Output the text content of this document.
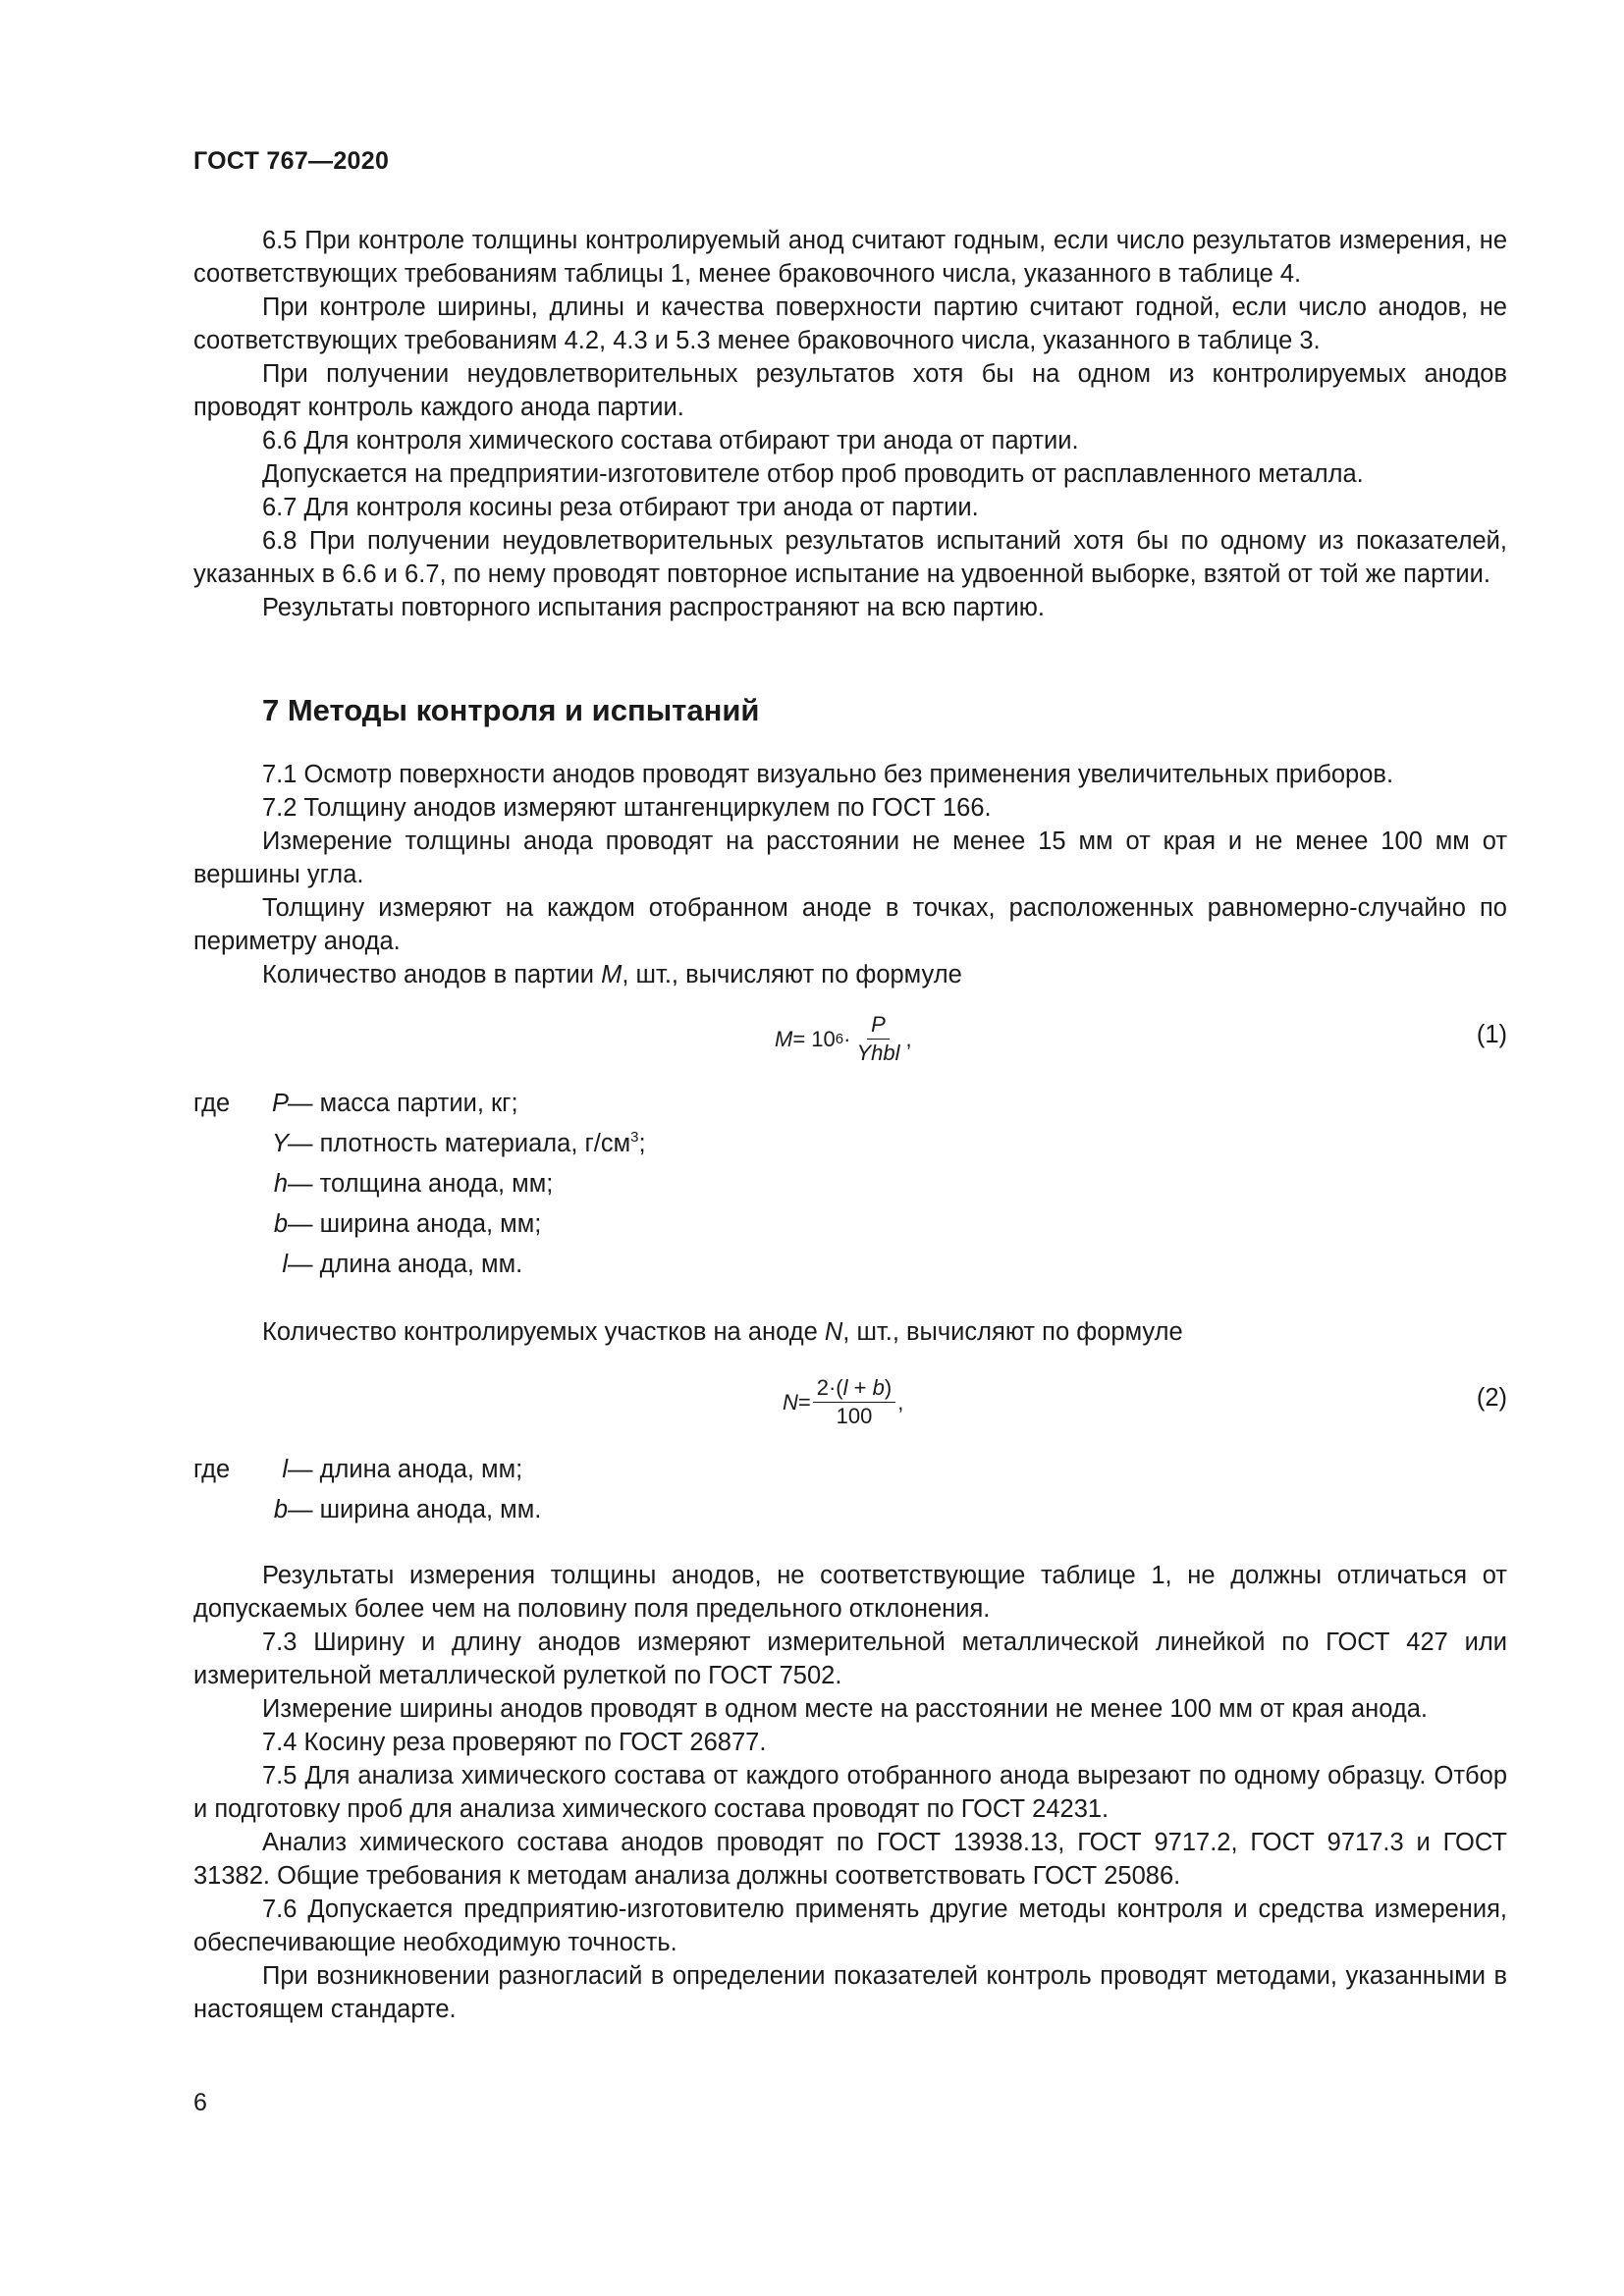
ГОСТ 767—2020

6.5 При контроле толщины контролируемый анод считают годным, если число результатов измерения, не соответствующих требованиям таблицы 1, менее браковочного числа, указанного в таблице 4.

При контроле ширины, длины и качества поверхности партию считают годной, если число анодов, не соответствующих требованиям 4.2, 4.3 и 5.3 менее браковочного числа, указанного в таблице 3.

При получении неудовлетворительных результатов хотя бы на одном из контролируемых анодов проводят контроль каждого анода партии.

6.6 Для контроля химического состава отбирают три анода от партии.

Допускается на предприятии-изготовителе отбор проб проводить от расплавленного металла.

6.7 Для контроля косины реза отбирают три анода от партии.

6.8 При получении неудовлетворительных результатов испытаний хотя бы по одному из показателей, указанных в 6.6 и 6.7, по нему проводят повторное испытание на удвоенной выборке, взятой от той же партии.

Результаты повторного испытания распространяют на всю партию.

7 Методы контроля и испытаний

7.1 Осмотр поверхности анодов проводят визуально без применения увеличительных приборов.

7.2 Толщину анодов измеряют штангенциркулем по ГОСТ 166.

Измерение толщины анода проводят на расстоянии не менее 15 мм от края и не менее 100 мм от вершины угла.

Толщину измеряют на каждом отобранном аноде в точках, расположенных равномерно-случайно по периметру анода.

Количество анодов в партии M, шт., вычисляют по формуле

M = 10 $6 \cdot \frac{P}{\text{Yhbl}}$ ,	(1)
где P
— масса партии, кг;
Y
— плотность материала, $г/см^3$;
h — толщина анода, мм;
b — ширина анода, мм;
l — длина анода, мм.

Количество контролируемых участков на аноде N, шт., вычисляют по формуле

$N = \frac{2\cdot(l + b)}{100}$ ,	(2)
где	l — длина анода, мм;
b — ширина анода, мм.

Результаты измерения толщины анодов, не соответствующие таблице 1, не должны отличаться от допускаемых более чем на половину поля предельного отклонения.

7.3 Ширину и длину анодов измеряют измерительной металлической линейкой по ГОСТ 427 или измерительной металлической рулеткой по ГОСТ 7502.

Измерение ширины анодов проводят в одном месте на расстоянии не менее 100 мм от края анода.

7.4 Косину реза проверяют по ГОСТ 26877.

7.5 Для анализа химического состава от каждого отобранного анода вырезают по одному образцу. Отбор и подготовку проб для анализа химического состава проводят по ГОСТ 24231.

Анализ химического состава анодов проводят по ГОСТ 13938.13, ГОСТ 9717.2, ГОСТ 9717.3 и ГОСТ 31382. Общие требования к методам анализа должны соответствовать ГОСТ 25086.

7.6 Допускается предприятию-изготовителю применять другие методы контроля и средства измерения, обеспечивающие необходимую точность.

При возникновении разногласий в определении показателей контроль проводят методами, указанными в настоящем стандарте.

6
